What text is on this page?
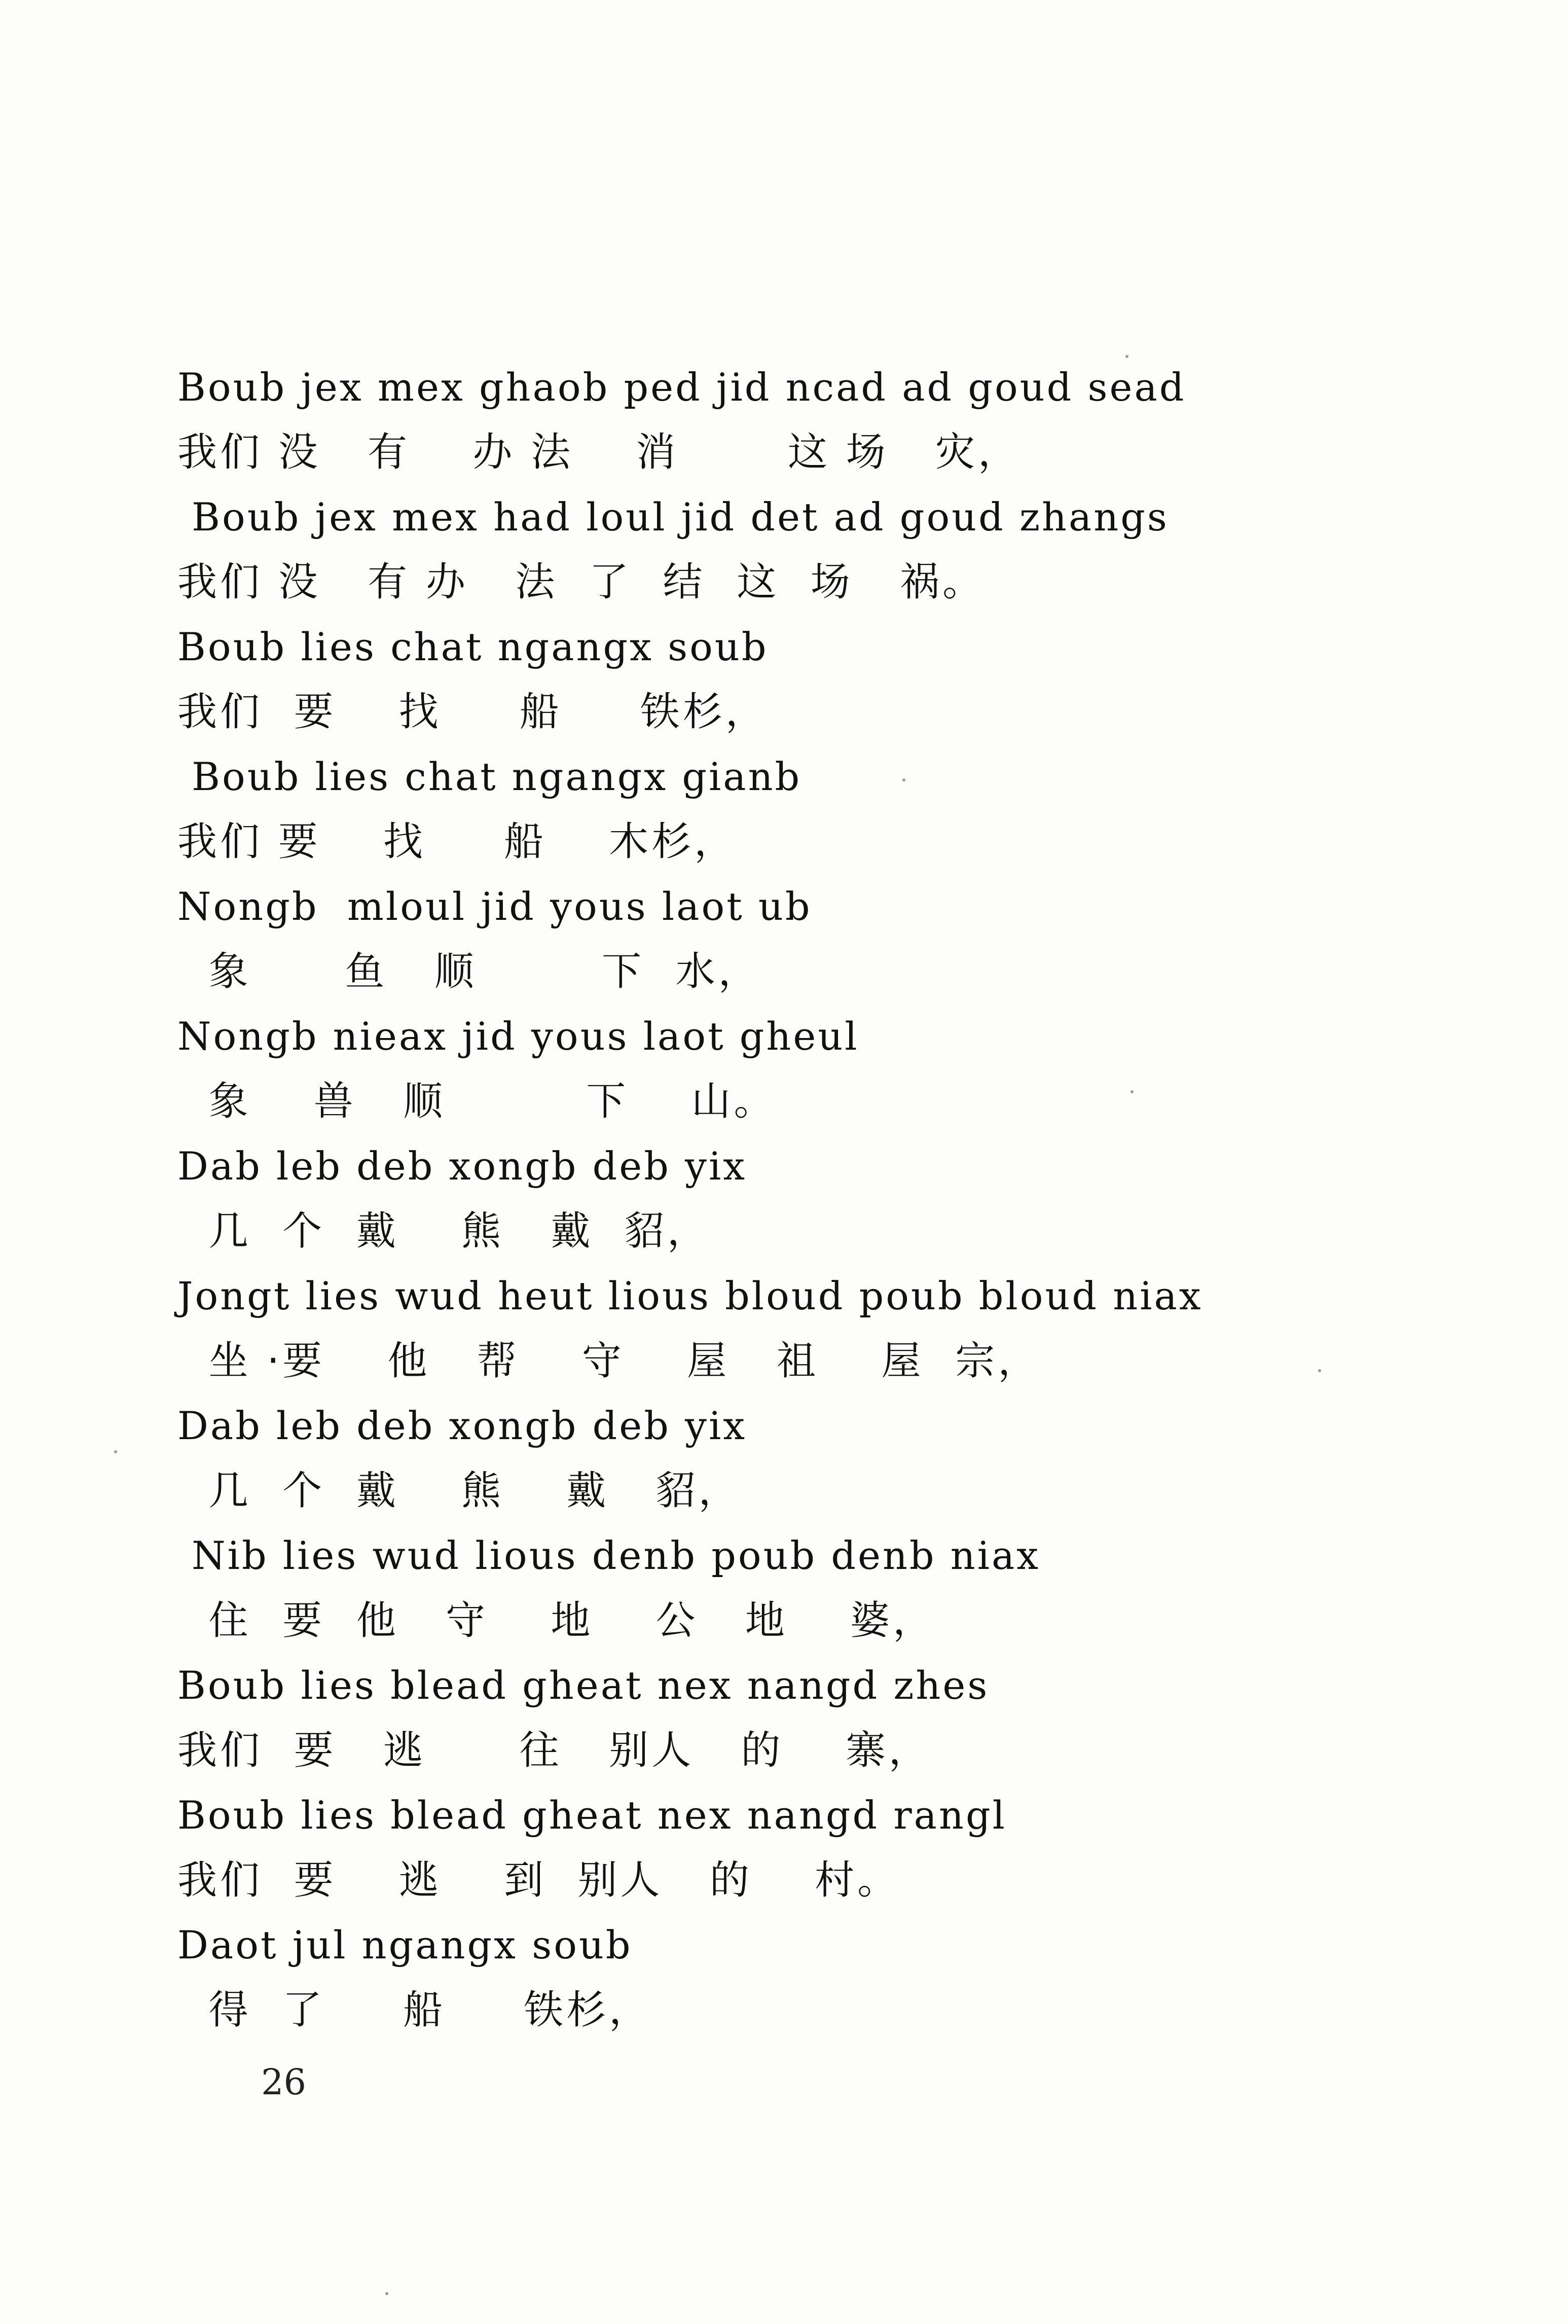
Boub jex mex ghaob ped jid ncad ad goud sead
我们 没   有    办 法    消       这 场   灾，
Boub jex mex had loul jid det ad goud zhangs
我们 没   有 办   法  了  结  这  场   祸。
Boub lies chat ngangx soub
我们  要    找     船     铁杉，
Boub lies chat ngangx gianb
我们 要    找     船    木杉，
Nongb  mloul jid yous laot ub
象      鱼   顺        下  水，
Nongb nieax jid yous laot gheul
象    兽   顺         下    山。
Dab leb deb xongb deb yix
几  个  戴    熊   戴  貂，
Jongt lies wud heut lious bloud poub bloud niax
坐 ·要    他   帮    守    屋   祖    屋  宗，
Dab leb deb xongb deb yix
几  个  戴    熊    戴   貂，
Nib lies wud lious denb poub denb niax
住  要  他   守    地    公   地    婆，
Boub lies blead gheat nex nangd zhes
我们  要   逃      往   别人   的    寨，
Boub lies blead gheat nex nangd rangl
我们  要    逃    到  别人   的    村。
Daot jul ngangx soub
得  了     船     铁杉，
26
